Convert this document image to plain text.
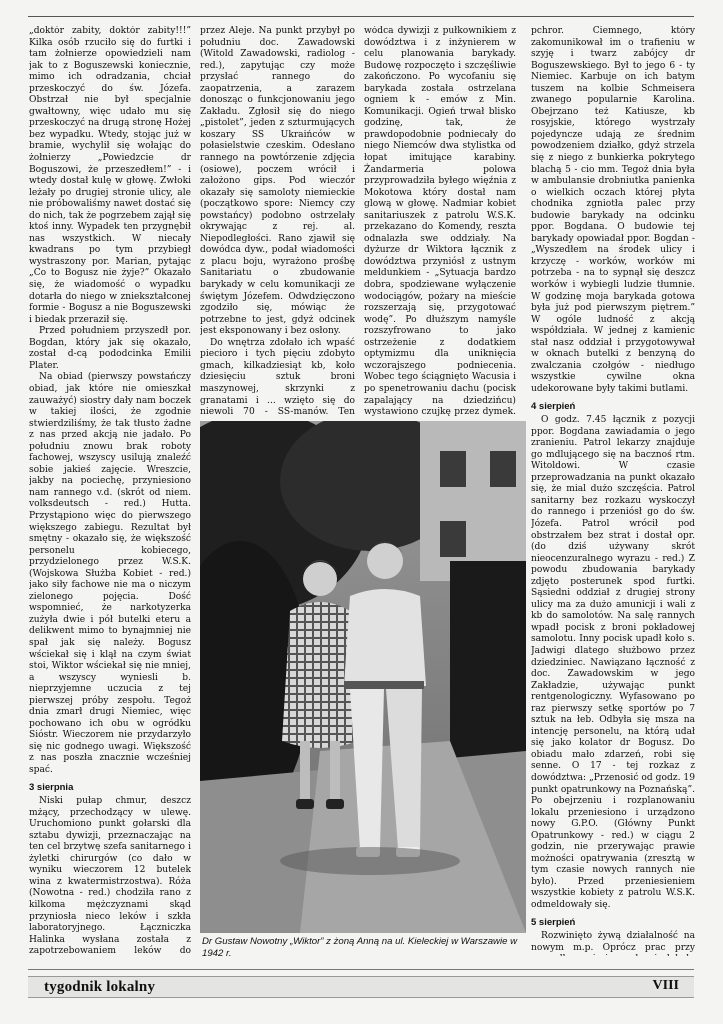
„doktór zabity, doktór zabity!!!” Kilka osób rzuciło się do furtki i tam żołnierze opowiedzieli nam jak to z Boguszewski koniecznie, mimo ich odradzania, chciał przeskoczyć do św. Józefa. Obstrzał nie był specjalnie gwałtowny, więc udało mu się przeskoczyć na drugą stronę Hożej bez wypadku. Wtedy, stojąc już w bramie, wychylił się wołając do żołnierzy „Powiedzcie dr Boguszowi, że przeszedłem!” - i wtedy dostał kulę w głowę. Zwłoki leżały po drugiej stronie ulicy, ale nie próbowaliśmy nawet dostać się do nich, tak że pogrzebem zajął się ktoś inny. Wypadek ten przygnębił nas wszystkich. W niecały kwadrans po tym przybiegł wystraszony por. Marian, pytając „Co to Bogusz nie żyje?” Okazało się, że wiadomość o wypadku dotarła do niego w zniekształconej formie - Bogusz a nie Boguszewski i biedak przeraził się.

Przed południem przyszedł por. Bogdan, który jak się okazało, został d-cą pododcinka Emilii Plater.

Na obiad (pierwszy powstańczy obiad, jak które nie omieszkał zauważyć) siostry dały nam boczek w takiej ilości, że zgodnie stwierdziliśmy, że tak tłusto żadne z nas przed akcją nie jadało. Po południu znowu brak roboty fachowej, wszyscy usilują znaleźć sobie jakieś zajęcie. Wreszcie, jakby na pociechę, przyniesiono nam rannego v.d. (skrót od niem. volksdeutsch - red.) Hutta. Przystąpiono więc do pierwszego większego zabiegu. Rezultat był smętny - okazało się, że większość personelu kobiecego, przydzielonego przez W.S.K. (Wojskowa Służba Kobiet - red.) jako siły fachowe nie ma o niczym zielonego pojęcia. Dość wspomnieć, że narkotyzerka zużyła dwie i pół butelki eteru a delikwent mimo to bynajmniej nie spał jak się należy. Bogusz wściekał się i klął na czym świat stoi, Wiktor wściekał się nie mniej, a wszyscy wyniesli b. nieprzyjemne uczucia z tej pierwszej próby zespołu. Tegoż dnia zmarł drugi Niemiec, więc pochowano ich obu w ogródku Sióstr. Wieczorem nie przydarzyło się nic godnego uwagi. Większość z nas poszła znacznie wcześniej spać.

3 sierpnia

Niski pułap chmur, deszcz mżący, przechodzący w ulewę. Uruchomiono punkt gołarski dla sztabu dywizji, przeznaczając na ten cel brzytwę szefa sanitarnego i żyletki chirurgów (co dało w wyniku wieczorem 12 butelek wina z kwatermistrzostwa). Róża (Nowotna - red.) chodziła rano z kilkoma mężczyznami skąd przyniosła nieco leków i szkła laboratoryjnego. Łączniczka Halinka wysłana została z zapotrzebowaniem leków do

przez Aleje. Na punkt przybył po południu doc. Zawadowski (Witold Zawadowski, radiolog - red.), zapytując czy może przysłać rannego do zaopatrzenia, a zarazem donosząc o funkcjonowaniu jego Zakładu. Zgłosił się do niego „pistolet”, jeden z szturmujących koszary SS Ukraińców w połasielstwie czeskim. Odesłano rannego na powtórzenie zdjęcia (osiowe), poczem wrócił i założono gips. Pod wieczór okazały się samoloty niemieckie (początkowo spore: Niemcy czy powstańcy) podobno ostrzelały okrywając z rej. al. Niepodległości. Rano zjawił się dowódca dyw., podał wiadomości z placu boju, wyrażono prośbę Sanitariatu o zbudowanie barykady w celu komunikacji ze świętym Józefem. Odwdzięczono zgodziło się, mówiąc że potrzebne to jest, gdyż odcinek jest eksponowany i bez osłony.

Do wnętrza zdołało ich wpaść piecioro i tych pięciu zdobyto gmach, kilkadziesiąt kb, koło dziesięciu sztuk broni maszynowej, skrzynki z granatami i ... wzięto się do niewoli 70 - SS-manów. Ten

wódca dywizji z pułkownikiem z dowództwa i z inżynierem w celu planowania barykady. Budowę rozpoczęto i szczęśliwie zakończono. Po wycofaniu się barykada została ostrzelana ogniem k - emów z Min. Komunikacji. Ogień trwał blisko godzinę, tak, że prawdopodobnie podniecały do niego Niemców dwa stylistka od łopat imitujące karabiny. Żandarmeria polowa przyprowadziła byłego więźnia z Mokotowa który dostał nam glową w głowę. Nadmiar kobiet sanitariuszek z patrolu W.S.K. przekazano do Komendy, reszta odnalazła swe oddziały. Na dyżurze dr Wiktora łącznik z dowództwa przyniósł z ustnym meldunkiem - „Sytuacja bardzo dobra, spodziewane wyłączenie wodociągów, pożary na mieście rozszerzają się, przygotować wodę”. Po dłuższym namyśle rozszyfrowano to jako ostrzeżenie z dodatkiem optymizmu dla uniknięcia wczorajszego podniecenia. Wobec tego ściągnięto Wacusia i po spenetrowaniu dachu (pocisk zapalający na dziedzińcu) wystawiono czujkę przez dymek.

pchror. Ciemnego, który zakomunikował im o trafieniu w szyję i twarz zabójcy dr Boguszewskiego. Był to jego 6 - ty Niemiec. Karbuje on ich batym tuszem na kolbie Schmeisera zwanego popularnie Karolina. Obejrzano też Katiusze, kb rosyjskie, którego wystrzały pojedyncze udają ze średnim powodzeniem działko, gdyż strzela się z niego z bunkierka pokrytego blachą 5 - cio mm. Tegoż dnia była w ambulansie drobniutka panienka o wielkich oczach której płyta chodnika zgniotła palec przy budowie barykady na odcinku ppor. Bogdana. O budowie tej barykady opowiadał ppor. Bogdan - „Wyszedłem na środek ulicy i krzyczę - worków, worków mi potrzeba - na to sypnął się deszcz worków i wybiegli ludzie tłumnie. W godzinę moja barykada gotowa była już pod pierwszym piętrem.” W ogóle ludność z akcją współdziała. W jednej z kamienic stał nasz oddział i przygotowywał w oknach butelki z benzyną do zwalczania czołgów - niedługo wszystkie cywilne okna udekorowane były takimi butlami.

4 sierpień

O godz. 7.45 łącznik z pozycji ppor. Bogdana zawiadamia o jego zranieniu. Patrol lekarzy znajduje go mdlującego się na bacznoś rtm. Witoldowi. W czasie przeprowadzania na punkt okazało się, że mial dużo szczęścia. Patrol sanitarny bez rozkazu wyskoczył do rannego i przeniósł go do św. Józefa. Patrol wrócił pod obstrzałem bez strat i dostał opr.(do dziś używany skrót nieocenzuralnego wyrazu - red.) Z powodu zbudowania barykady zdjęto posterunek spod furtki. Sąsiedni oddział z drugiej strony ulicy ma za dużo amunicji i wali z kb do samolotów. Na salę rannych wpadł pocisk z broni pokładowej samolotu. Inny pocisk upadł koło s. Jadwigi dlatego służbowo przez dziedziniec. Nawiązano łączność z doc. Zawadowskim w jego Zakładzie, używając punkt rentgenologiczny. Wyfasowano po raz pierwszy setkę sportów po 7 sztuk na łeb. Odbyła się msza na intencję personelu, na którą udał się jako kolator dr Bogusz. Do obiadu mało zdarzeń, robi się senne. O 17 - tej rozkaz z dowództwa: „Przenosić od godz. 19 punkt opatrunkowy na Poznańską”. Po obejrzeniu i rozplanowaniu lokalu przeniesiono i urządzono nowy G.P.O. (Główny Punkt Opatrunkowy - red.) w ciągu 2 godzin, nie przerywając prawie możności opatrywania (zresztą w tym czasie nowych rannych nie było). Przed przeniesieniem wszystkie kobiety z patrolu W.S.K. odmeldowały się.

5 sierpień

Rozwinięto żywą działalność na nowym m.p. Oprócz prac przy

Dr Gustaw Nowotny „Wiktor” z żoną Anną na ul. Kieleckiej w Warszawie w 1942 r.
tygodnik lokalny	VIII
